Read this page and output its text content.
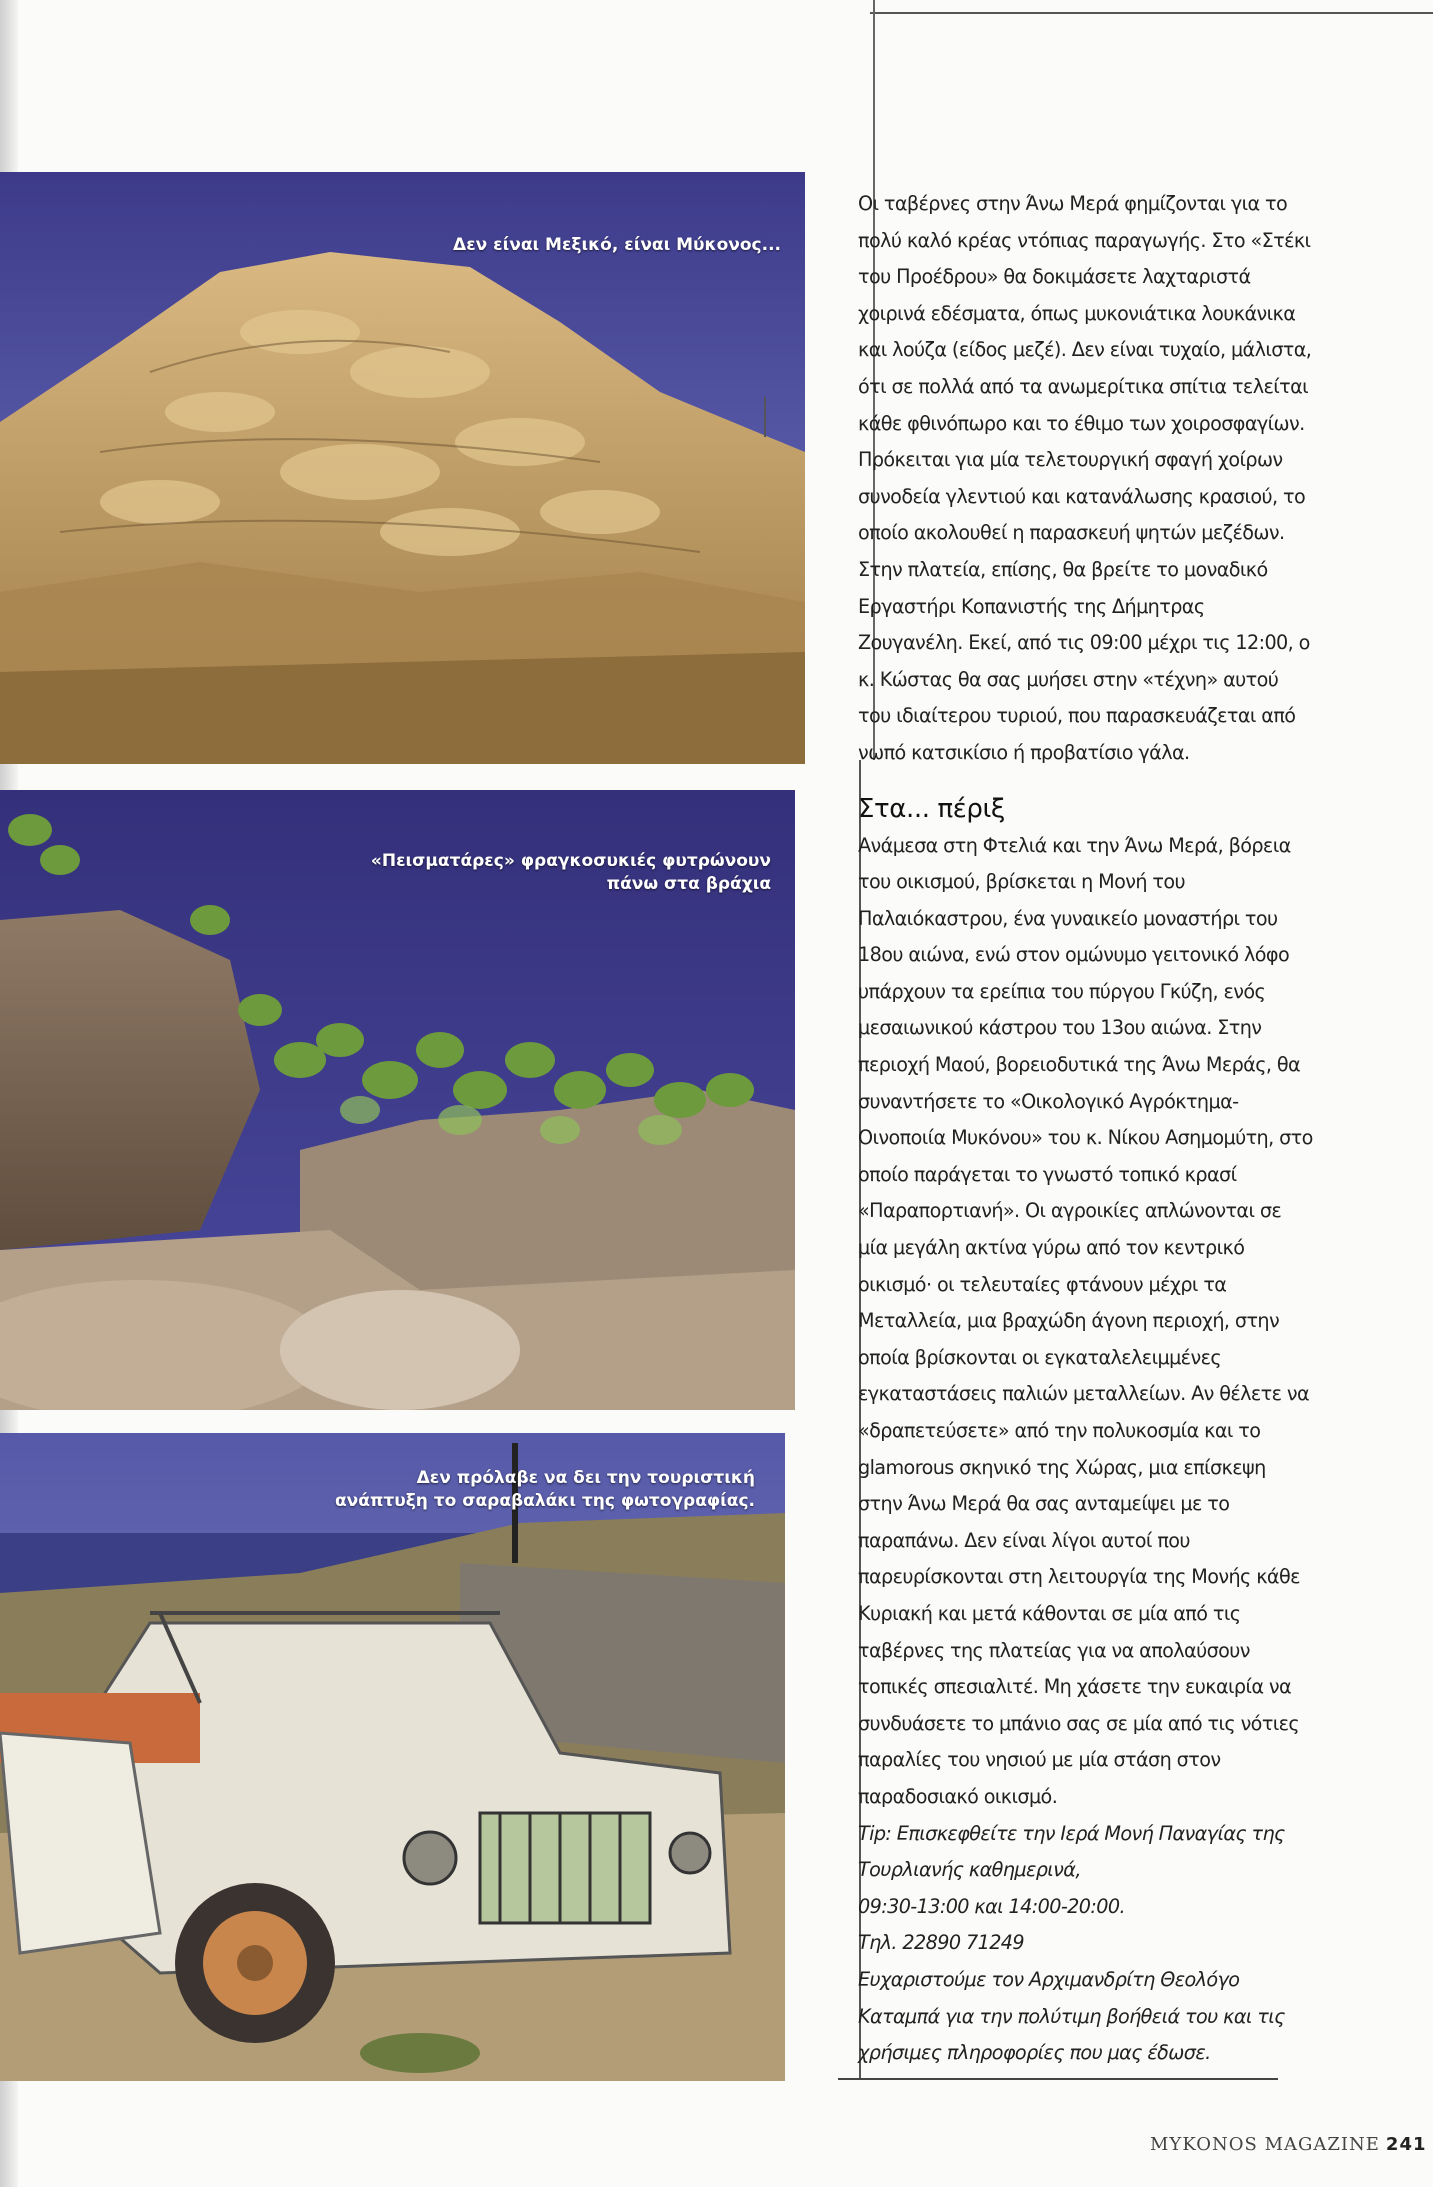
Δεν είναι Μεξικό, είναι Μύκονος...
«Πεισματάρες» φραγκοσυκιές φυτρώνουν πάνω στα βράχια
Δεν πρόλαβε να δει την τουριστική ανάπτυξη το σαραβαλάκι της φωτογραφίας.

Οι ταβέρνες στην Άνω Μερά φημίζονται για το πολύ καλό κρέας ντόπιας παραγωγής. Στο «Στέκι του Προέδρου» θα δοκιμάσετε λαχταριστά χοιρινά εδέσματα, όπως μυκονιάτικα λουκάνικα και λούζα (είδος μεζέ). Δεν είναι τυχαίο, μάλιστα, ότι σε πολλά από τα ανωμερίτικα σπίτια τελείται κάθε φθινόπωρο και το έθιμο των χοιροσφαγίων. Πρόκειται για μία τελετουργική σφαγή χοίρων συνοδεία γλεντιού και κατανάλωσης κρασιού, το οποίο ακολουθεί η παρασκευή ψητών μεζέδων. Στην πλατεία, επίσης, θα βρείτε το μοναδικό Εργαστήρι Κοπανιστής της Δήμητρας Ζουγανέλη. Εκεί, από τις 09:00 μέχρι τις 12:00, ο κ. Κώστας θα σας μυήσει στην «τέχνη» αυτού του ιδιαίτερου τυριού, που παρασκευάζεται από νωπό κατσικίσιο ή προβατίσιο γάλα.

Στα... πέριξ

Ανάμεσα στη Φτελιά και την Άνω Μερά, βόρεια του οικισμού, βρίσκεται η Μονή του Παλαιόκαστρου, ένα γυναικείο μοναστήρι του 18ου αιώνα, ενώ στον ομώνυμο γειτονικό λόφο υπάρχουν τα ερείπια του πύργου Γκύζη, ενός μεσαιωνικού κάστρου του 13ου αιώνα. Στην περιοχή Μαού, βορειοδυτικά της Άνω Μεράς, θα συναντήσετε το «Οικολογικό Αγρόκτημα-Οινοποιία Μυκόνου» του κ. Νίκου Ασημομύτη, στο οποίο παράγεται το γνωστό τοπικό κρασί «Παραπορτιανή». Οι αγροικίες απλώνονται σε μία μεγάλη ακτίνα γύρω από τον κεντρικό οικισμό· οι τελευταίες φτάνουν μέχρι τα Μεταλλεία, μια βραχώδη άγονη περιοχή, στην οποία βρίσκονται οι εγκαταλελειμμένες εγκαταστάσεις παλιών μεταλλείων. Αν θέλετε να «δραπετεύσετε» από την πολυκοσμία και το glamorous σκηνικό της Χώρας, μια επίσκεψη στην Άνω Μερά θα σας ανταμείψει με το παραπάνω. Δεν είναι λίγοι αυτοί που παρευρίσκονται στη λειτουργία της Μονής κάθε Κυριακή και μετά κάθονται σε μία από τις ταβέρνες της πλατείας για να απολαύσουν τοπικές σπεσιαλιτέ. Μη χάσετε την ευκαιρία να συνδυάσετε το μπάνιο σας σε μία από τις νότιες παραλίες του νησιού με μία στάση στον παραδοσιακό οικισμό.

Tip: Επισκεφθείτε την Ιερά Μονή Παναγίας της Τουρλιανής καθημερινά,

09:30-13:00 και 14:00-20:00.

Τηλ. 22890 71249

Ευχαριστούμε τον Αρχιμανδρίτη Θεολόγο Καταμπά για την πολύτιμη βοήθειά του και τις χρήσιμες πληροφορίες που μας έδωσε.

MYKONOS MAGAZINE 241
